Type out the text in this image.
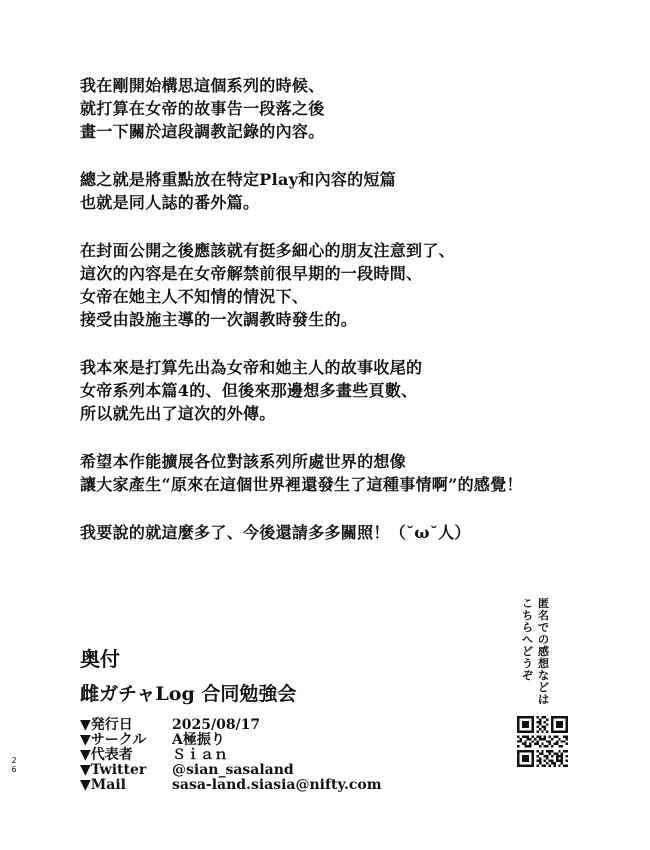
我在剛開始構思這個系列的時候、
就打算在女帝的故事告一段落之後
畫一下關於這段調教記錄的內容。
總之就是將重點放在特定Play和內容的短篇
也就是同人誌的番外篇。
在封面公開之後應該就有挺多細心的朋友注意到了、
這次的內容是在女帝解禁前很早期的一段時間、
女帝在她主人不知情的情況下、
接受由設施主導的一次調教時發生的。
我本來是打算先出為女帝和她主人的故事收尾的
女帝系列本篇4的、但後來那邊想多畫些頁數、
所以就先出了這次的外傳。
希望本作能擴展各位對該系列所處世界的想像
讓大家產生“原來在這個世界裡還發生了這種事情啊”的感覺！
我要說的就這麼多了、今後還請多多關照！（˘ω˘人）
奥付
雌ガチャLog 合同勉強会
▼発行日	2025/08/17
▼サークル	A極振り
▼代表者	Ｓｉａｎ
▼Twitter	@sian_sasaland
▼Mail	sasa-land.siasia@nifty.com
26
匿名での感想などは
こちらへどうぞ
